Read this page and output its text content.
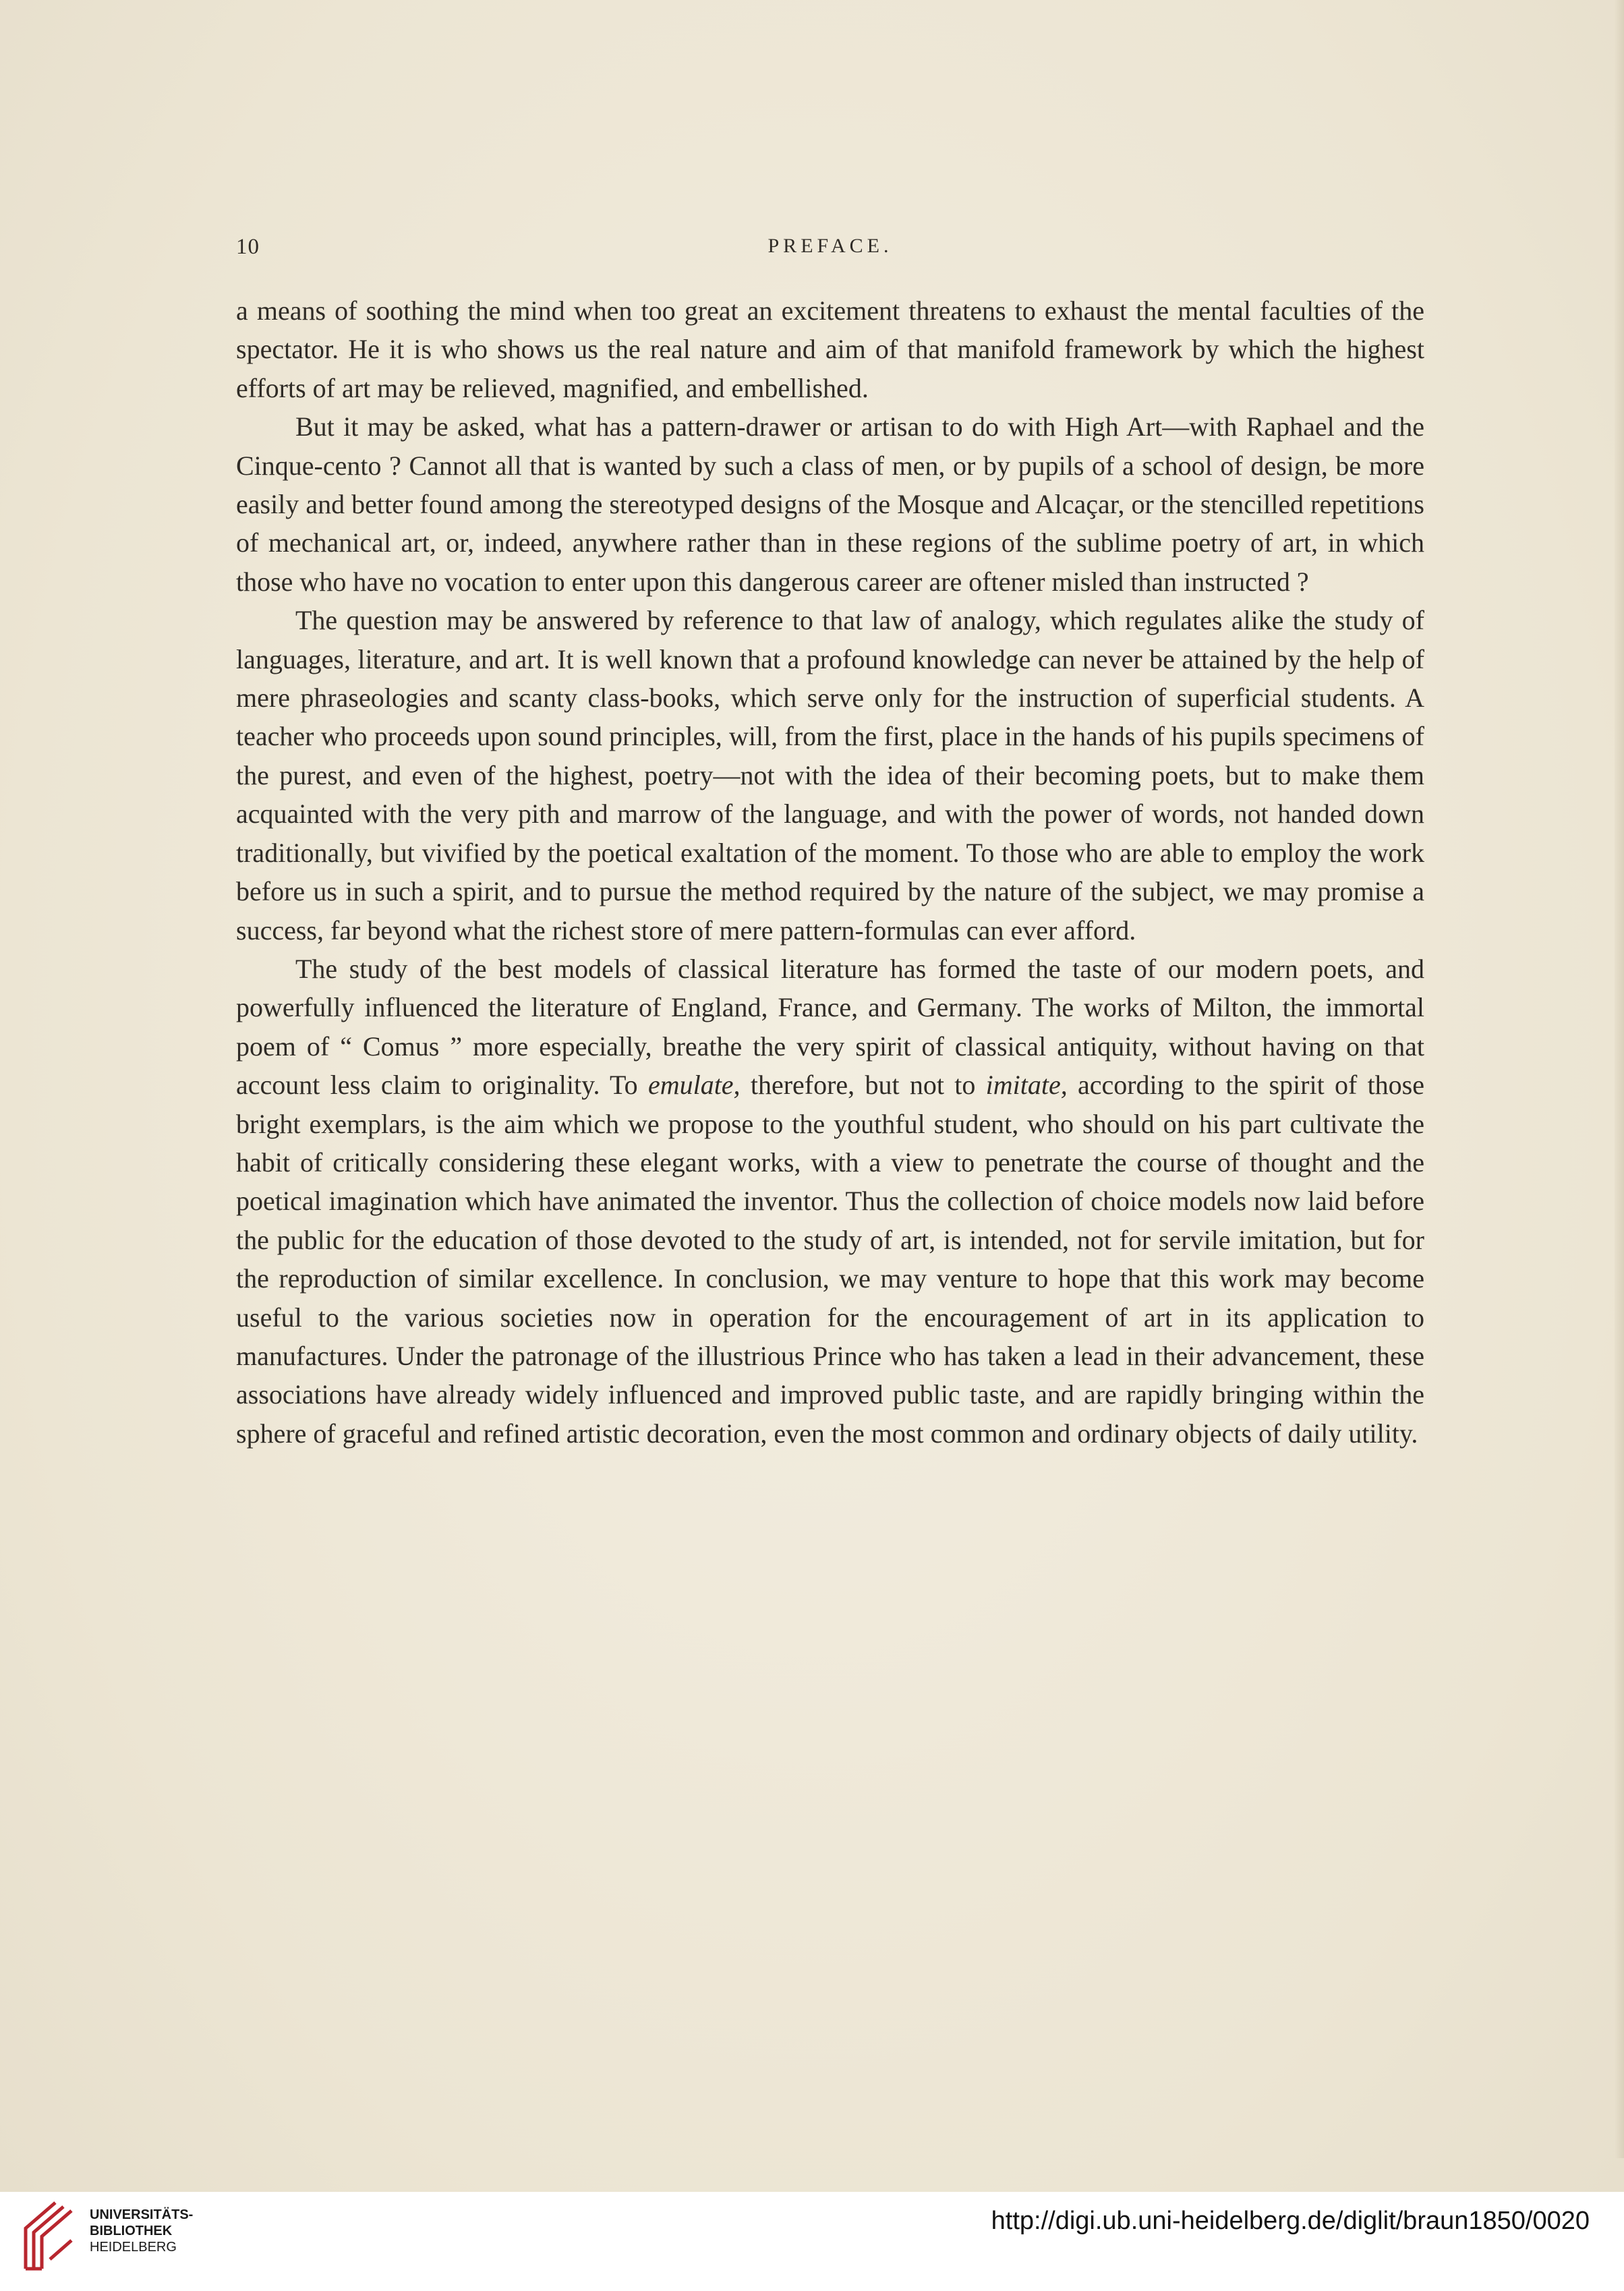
10	PREFACE.

a means of soothing the mind when too great an excitement threatens to exhaust the mental faculties of the spectator. He it is who shows us the real nature and aim of that manifold framework by which the highest efforts of art may be relieved, magnified, and embellished.

But it may be asked, what has a pattern-drawer or artisan to do with High Art—with Raphael and the Cinque-cento ? Cannot all that is wanted by such a class of men, or by pupils of a school of design, be more easily and better found among the stereotyped designs of the Mosque and Alcaçar, or the stencilled repetitions of mechanical art, or, indeed, anywhere rather than in these regions of the sublime poetry of art, in which those who have no vocation to enter upon this dangerous career are oftener misled than instructed ?

The question may be answered by reference to that law of analogy, which regulates alike the study of languages, literature, and art. It is well known that a profound knowledge can never be attained by the help of mere phraseologies and scanty class-books, which serve only for the instruction of superficial students. A teacher who proceeds upon sound principles, will, from the first, place in the hands of his pupils specimens of the purest, and even of the highest, poetry—not with the idea of their becoming poets, but to make them acquainted with the very pith and marrow of the language, and with the power of words, not handed down traditionally, but vivified by the poetical exaltation of the moment. To those who are able to employ the work before us in such a spirit, and to pursue the method required by the nature of the subject, we may promise a success, far beyond what the richest store of mere pattern-formulas can ever afford.

The study of the best models of classical literature has formed the taste of our modern poets, and powerfully influenced the literature of England, France, and Germany. The works of Milton, the immortal poem of “ Comus ” more especially, breathe the very spirit of classical antiquity, without having on that account less claim to originality. To emulate, therefore, but not to imitate, according to the spirit of those bright exemplars, is the aim which we propose to the youthful student, who should on his part cultivate the habit of critically considering these elegant works, with a view to penetrate the course of thought and the poetical imagination which have animated the inventor. Thus the collection of choice models now laid before the public for the education of those devoted to the study of art, is intended, not for servile imitation, but for the reproduction of similar excellence. In conclusion, we may venture to hope that this work may become useful to the various societies now in operation for the encouragement of art in its application to manufactures. Under the patronage of the illustrious Prince who has taken a lead in their advancement, these associations have already widely influenced and improved public taste, and are rapidly bringing within the sphere of graceful and refined artistic decoration, even the most common and ordinary objects of daily utility.

UNIVERSITÄTS-
BIBLIOTHEK
HEIDELBERG
http://digi.ub.uni-heidelberg.de/diglit/braun1850/0020
